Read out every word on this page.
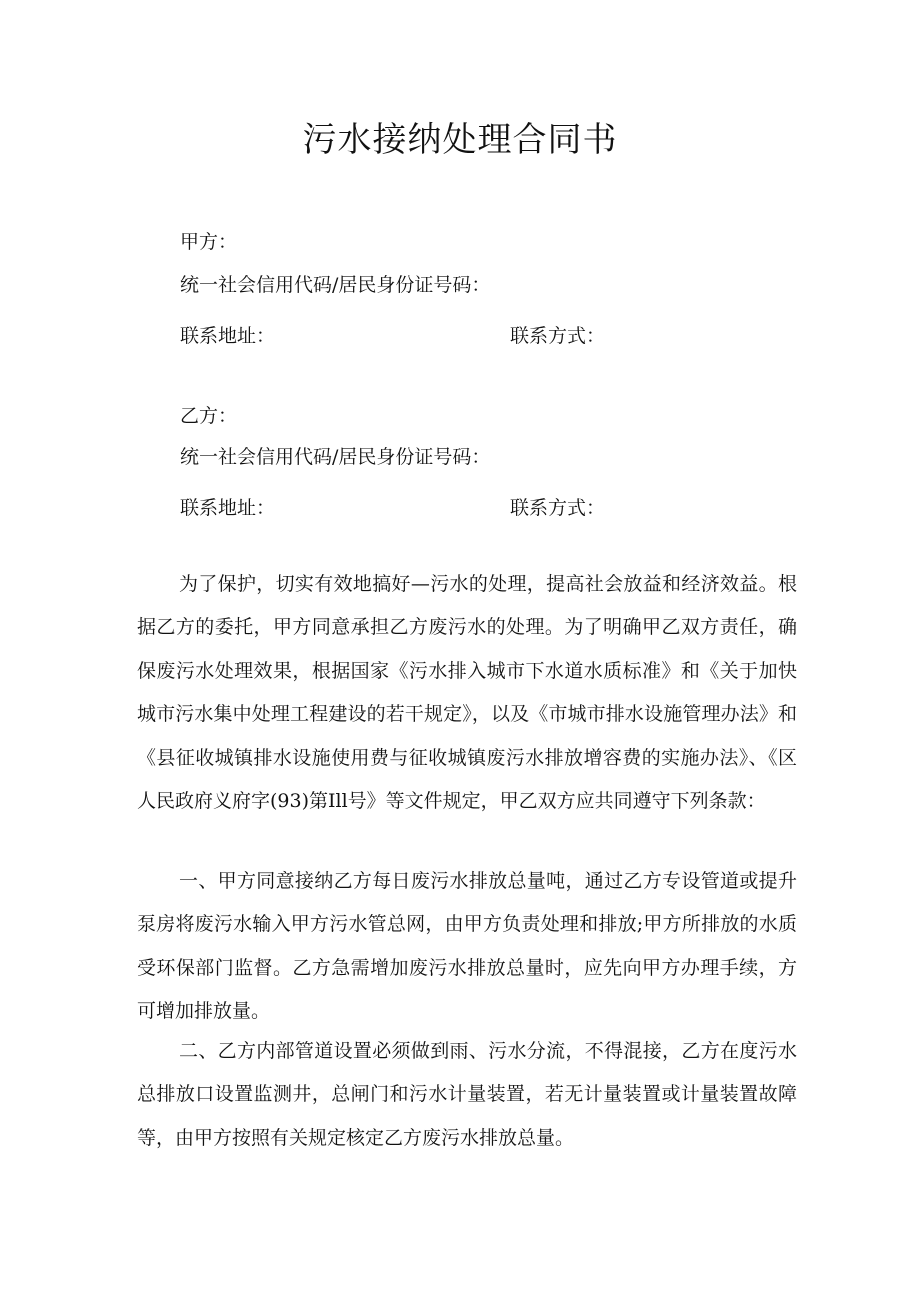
污水接纳处理合同书
甲方：
统一社会信用代码/居民身份证号码：
联系地址：	联系方式：
乙方：
统一社会信用代码/居民身份证号码：
联系地址：	联系方式：

为了保护，切实有效地搞好—污水的处理，提高社会放益和经济效益。根据乙方的委托，甲方同意承担乙方废污水的处理。为了明确甲乙双方责任，确保废污水处理效果，根据国家《污水排入城市下水道水质标准》和《关于加快城市污水集中处理工程建设的若干规定》，以及《市城市排水设施管理办法》和《县征收城镇排水设施使用费与征收城镇废污水排放增容费的实施办法》、《区人民政府义府字(93)第Ill号》等文件规定，甲乙双方应共同遵守下列条款：

一、甲方同意接纳乙方每日废污水排放总量吨，通过乙方专设管道或提升泵房将废污水输入甲方污水管总网，由甲方负责处理和排放;甲方所排放的水质受环保部门监督。乙方急需增加废污水排放总量时，应先向甲方办理手续，方可增加排放量。

二、乙方内部管道设置必须做到雨、污水分流，不得混接，乙方在度污水总排放口设置监测井，总闸门和污水计量装置，若无计量装置或计量装置故障等，由甲方按照有关规定核定乙方废污水排放总量。
